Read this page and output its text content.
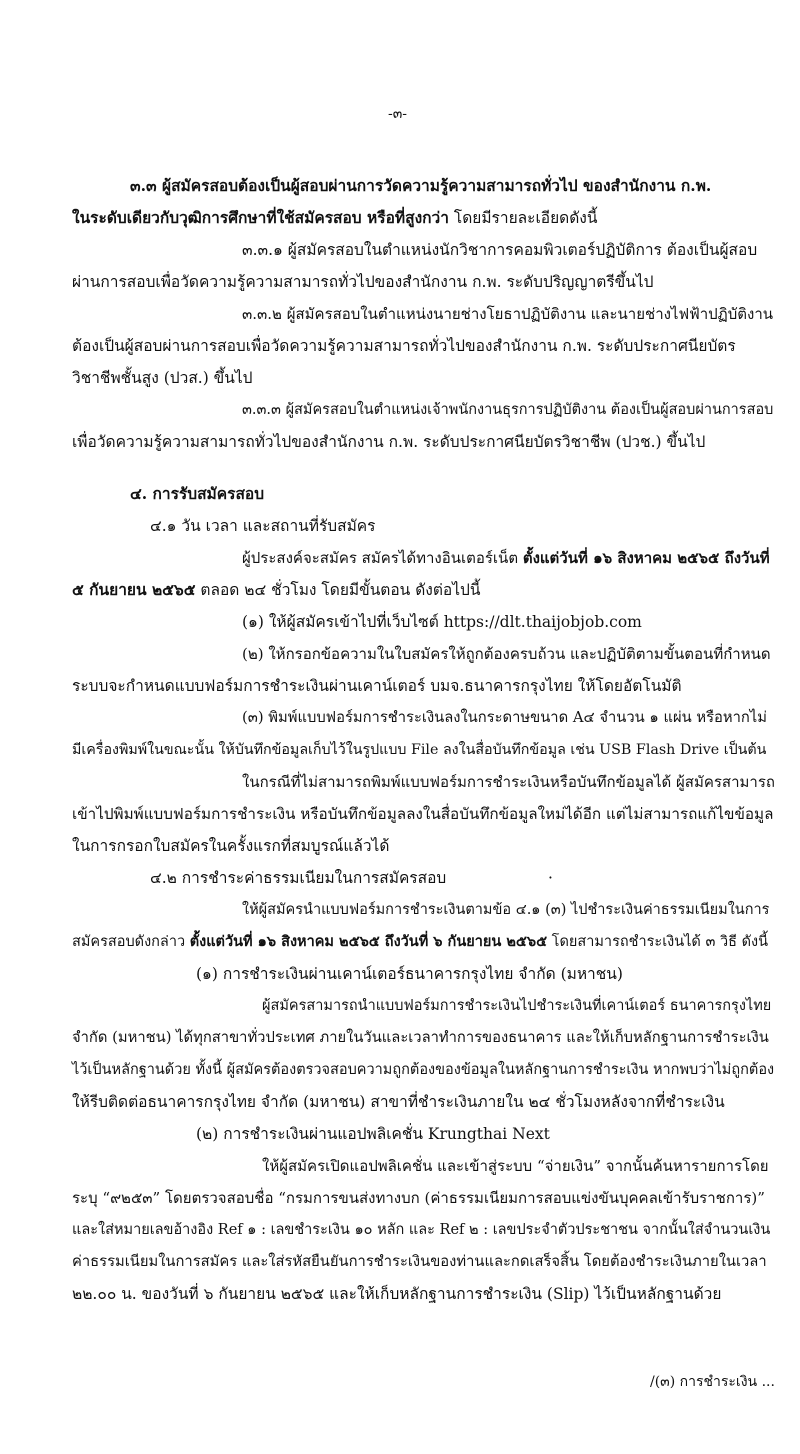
-๓-
๓.๓ ผู้สมัครสอบต้องเป็นผู้สอบผ่านการวัดความรู้ความสามารถทั่วไป ของสำนักงาน ก.พ.
ในระดับเดียวกับวุฒิการศึกษาที่ใช้สมัครสอบ หรือที่สูงกว่า โดยมีรายละเอียดดังนี้
๓.๓.๑ ผู้สมัครสอบในตำแหน่งนักวิชาการคอมพิวเตอร์ปฏิบัติการ ต้องเป็นผู้สอบ
ผ่านการสอบเพื่อวัดความรู้ความสามารถทั่วไปของสำนักงาน ก.พ. ระดับปริญญาตรีขึ้นไป
๓.๓.๒ ผู้สมัครสอบในตำแหน่งนายช่างโยธาปฏิบัติงาน และนายช่างไฟฟ้าปฏิบัติงาน
ต้องเป็นผู้สอบผ่านการสอบเพื่อวัดความรู้ความสามารถทั่วไปของสำนักงาน ก.พ. ระดับประกาศนียบัตร
วิชาชีพชั้นสูง (ปวส.) ขึ้นไป
๓.๓.๓ ผู้สมัครสอบในตำแหน่งเจ้าพนักงานธุรการปฏิบัติงาน ต้องเป็นผู้สอบผ่านการสอบ
เพื่อวัดความรู้ความสามารถทั่วไปของสำนักงาน ก.พ. ระดับประกาศนียบัตรวิชาชีพ (ปวช.) ขึ้นไป
๔. การรับสมัครสอบ
๔.๑ วัน เวลา และสถานที่รับสมัคร
ผู้ประสงค์จะสมัคร สมัครได้ทางอินเตอร์เน็ต ตั้งแต่วันที่ ๑๖ สิงหาคม ๒๕๖๕ ถึงวันที่
๕ กันยายน ๒๕๖๕ ตลอด ๒๔ ชั่วโมง โดยมีขั้นตอน ดังต่อไปนี้
(๑) ให้ผู้สมัครเข้าไปที่เว็บไซต์ https://dlt.thaijobjob.com
(๒) ให้กรอกข้อความในใบสมัครให้ถูกต้องครบถ้วน และปฏิบัติตามขั้นตอนที่กำหนด
ระบบจะกำหนดแบบฟอร์มการชำระเงินผ่านเคาน์เตอร์ บมจ.ธนาคารกรุงไทย ให้โดยอัตโนมัติ
(๓) พิมพ์แบบฟอร์มการชำระเงินลงในกระดาษขนาด A๔ จำนวน ๑ แผ่น หรือหากไม่
มีเครื่องพิมพ์ในขณะนั้น ให้บันทึกข้อมูลเก็บไว้ในรูปแบบ File ลงในสื่อบันทึกข้อมูล เช่น USB Flash Drive เป็นต้น
ในกรณีที่ไม่สามารถพิมพ์แบบฟอร์มการชำระเงินหรือบันทึกข้อมูลได้ ผู้สมัครสามารถ
เข้าไปพิมพ์แบบฟอร์มการชำระเงิน หรือบันทึกข้อมูลลงในสื่อบันทึกข้อมูลใหม่ได้อีก แต่ไม่สามารถแก้ไขข้อมูล
ในการกรอกใบสมัครในครั้งแรกที่สมบูรณ์แล้วได้
๔.๒ การชำระค่าธรรมเนียมในการสมัครสอบ	·
ให้ผู้สมัครนำแบบฟอร์มการชำระเงินตามข้อ ๔.๑ (๓) ไปชำระเงินค่าธรรมเนียมในการ
สมัครสอบดังกล่าว ตั้งแต่วันที่ ๑๖ สิงหาคม ๒๕๖๕ ถึงวันที่ ๖ กันยายน ๒๕๖๕ โดยสามารถชำระเงินได้ ๓ วิธี ดังนี้
(๑) การชำระเงินผ่านเคาน์เตอร์ธนาคารกรุงไทย จำกัด (มหาชน)
ผู้สมัครสามารถนำแบบฟอร์มการชำระเงินไปชำระเงินที่เคาน์เตอร์ ธนาคารกรุงไทย
จำกัด (มหาชน) ได้ทุกสาขาทั่วประเทศ ภายในวันและเวลาทำการของธนาคาร และให้เก็บหลักฐานการชำระเงิน
ไว้เป็นหลักฐานด้วย ทั้งนี้ ผู้สมัครต้องตรวจสอบความถูกต้องของข้อมูลในหลักฐานการชำระเงิน หากพบว่าไม่ถูกต้อง
ให้รีบติดต่อธนาคารกรุงไทย จำกัด (มหาชน) สาขาที่ชำระเงินภายใน ๒๔ ชั่วโมงหลังจากที่ชำระเงิน
(๒) การชำระเงินผ่านแอปพลิเคชั่น Krungthai Next
ให้ผู้สมัครเปิดแอปพลิเคชั่น และเข้าสู่ระบบ “จ่ายเงิน” จากนั้นค้นหารายการโดย
ระบุ “๙๒๕๓” โดยตรวจสอบชื่อ “กรมการขนส่งทางบก (ค่าธรรมเนียมการสอบแข่งขันบุคคลเข้ารับราชการ)”
และใส่หมายเลขอ้างอิง Ref ๑ : เลขชำระเงิน ๑๐ หลัก และ Ref ๒ : เลขประจำตัวประชาชน จากนั้นใส่จำนวนเงิน
ค่าธรรมเนียมในการสมัคร และใส่รหัสยืนยันการชำระเงินของท่านและกดเสร็จสิ้น โดยต้องชำระเงินภายในเวลา
๒๒.๐๐ น. ของวันที่ ๖ กันยายน ๒๕๖๕ และให้เก็บหลักฐานการชำระเงิน (Slip) ไว้เป็นหลักฐานด้วย
/(๓) การชำระเงิน ...
